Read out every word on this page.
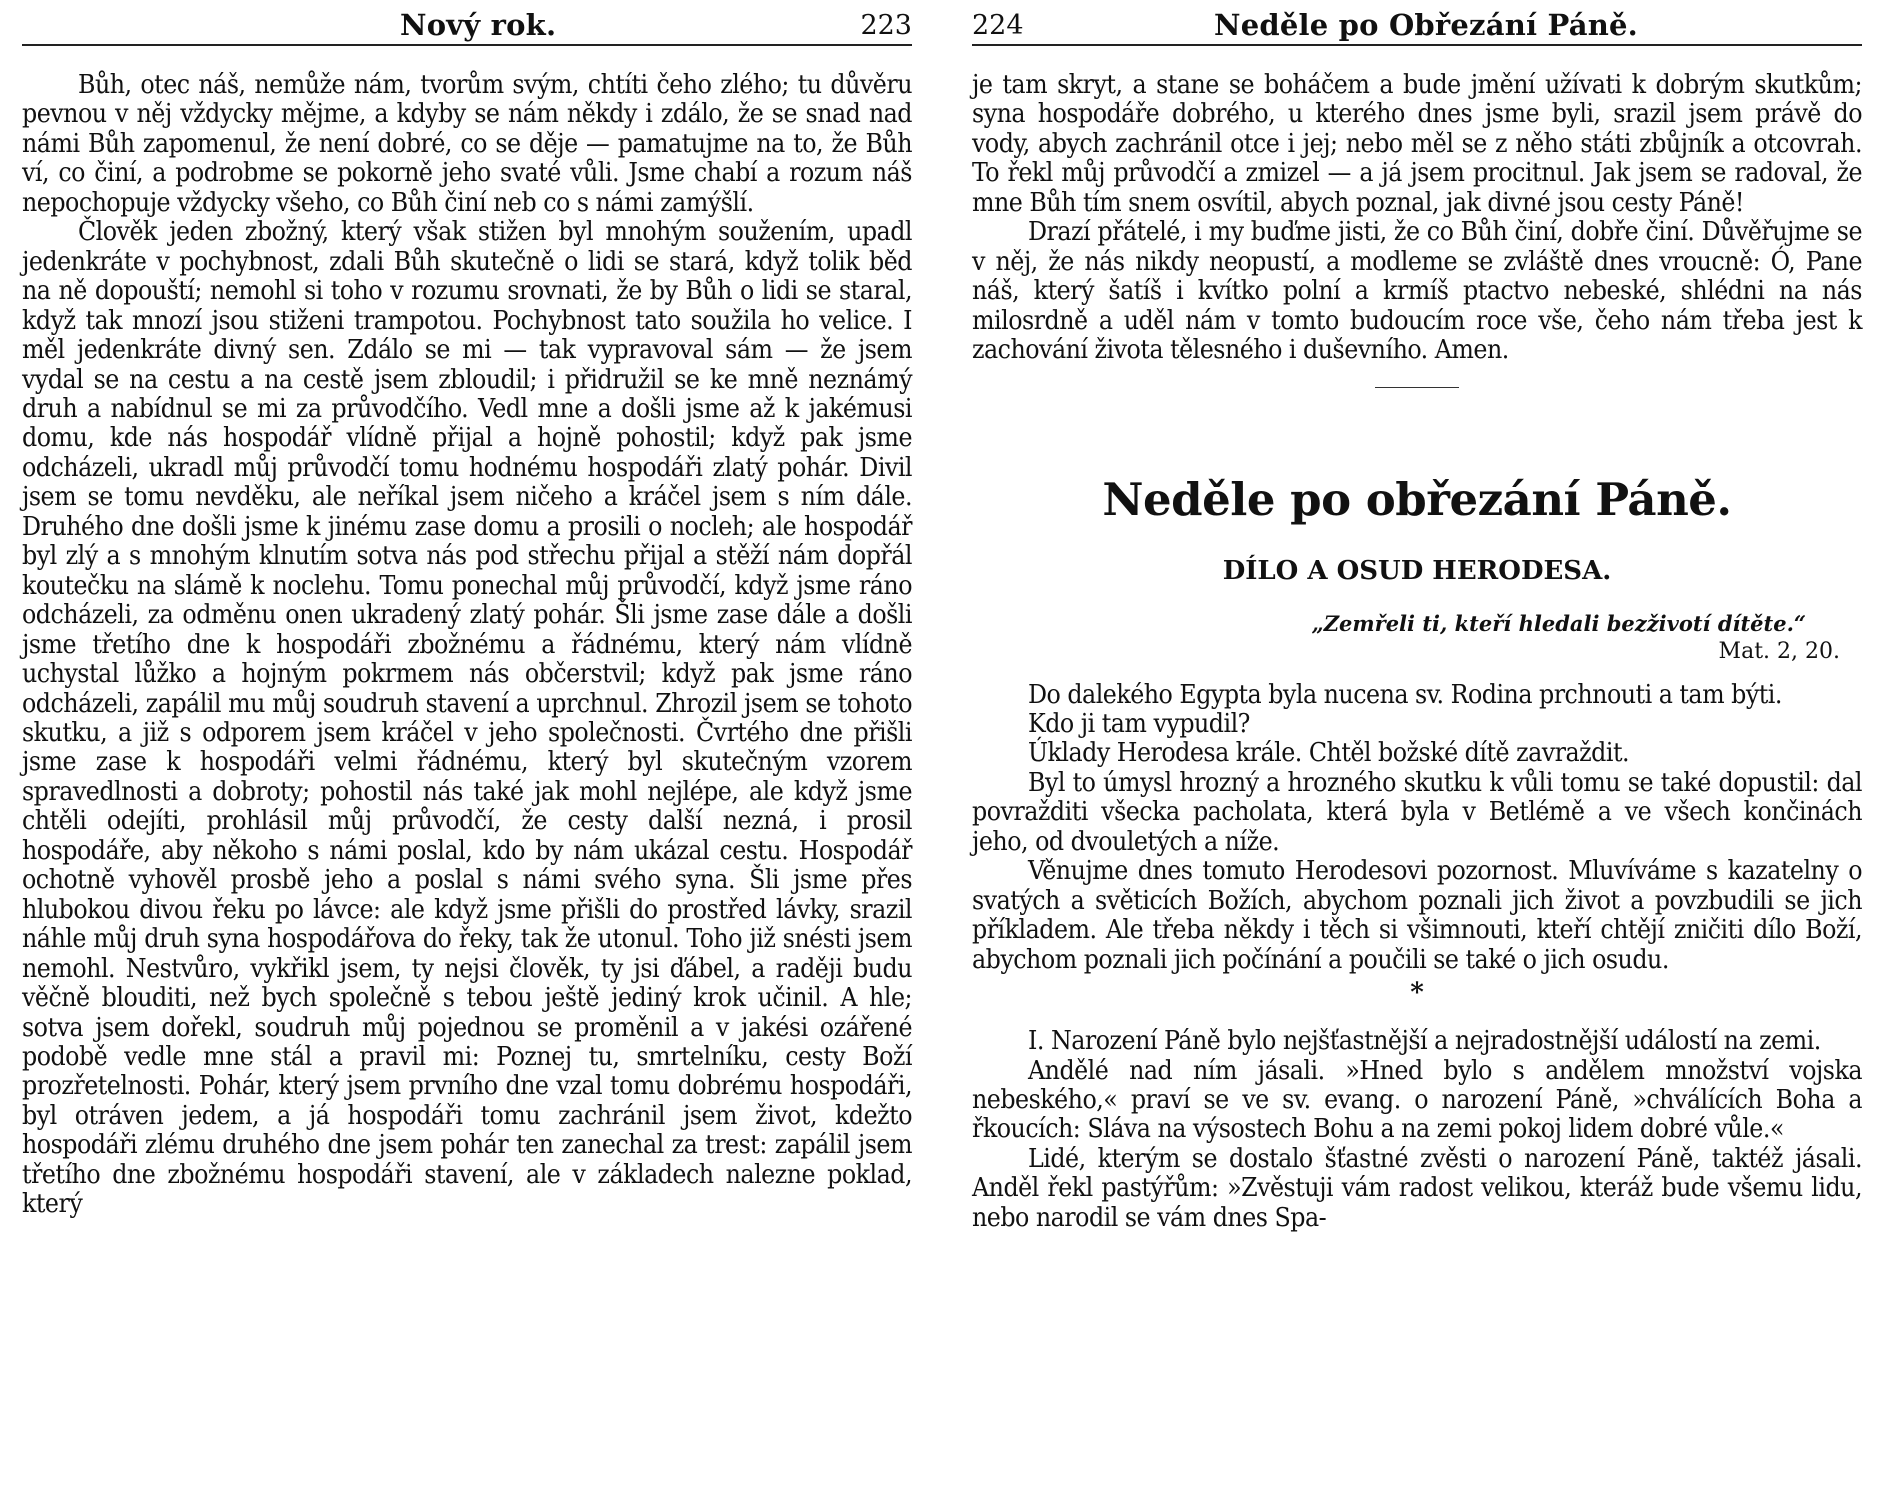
Nový rok.	223

Bůh, otec náš, nemůže nám, tvorům svým, chtíti čeho zlého; tu důvěru pevnou v něj vždycky mějme, a kdyby se nám někdy i zdálo, že se snad nad námi Bůh zapomenul, že není dobré, co se děje — pamatujme na to, že Bůh ví, co činí, a podrobme se pokorně jeho svaté vůli. Jsme chabí a rozum náš nepochopuje vždycky všeho, co Bůh činí neb co s námi zamýšlí.

Člověk jeden zbožný, který však stižen byl mnohým soužením, upadl jedenkráte v pochybnost, zdali Bůh skutečně o lidi se stará, když tolik běd na ně dopouští; nemohl si toho v rozumu srovnati, že by Bůh o lidi se staral, když tak mnozí jsou stiženi trampotou. Pochybnost tato soužila ho velice. I měl jedenkráte divný sen. Zdálo se mi — tak vypravoval sám — že jsem vydal se na cestu a na cestě jsem zbloudil; i přidružil se ke mně neznámý druh a nabídnul se mi za průvodčího. Vedl mne a došli jsme až k jakémusi domu, kde nás hospodář vlídně přijal a hojně pohostil; když pak jsme odcházeli, ukradl můj průvodčí tomu hodnému hospodáři zlatý pohár. Divil jsem se tomu nevděku, ale neříkal jsem ničeho a kráčel jsem s ním dále. Druhého dne došli jsme k jinému zase domu a prosili o nocleh; ale hospodář byl zlý a s mnohým klnutím sotva nás pod střechu přijal a stěží nám dopřál koutečku na slámě k noclehu. Tomu ponechal můj průvodčí, když jsme ráno odcházeli, za odměnu onen ukradený zlatý pohár. Šli jsme zase dále a došli jsme třetího dne k hospodáři zbožnému a řádnému, který nám vlídně uchystal lůžko a hojným pokrmem nás občerstvil; když pak jsme ráno odcházeli, zapálil mu můj soudruh stavení a uprchnul. Zhrozil jsem se tohoto skutku, a již s odporem jsem kráčel v jeho společnosti. Čvrtého dne přišli jsme zase k hospodáři velmi řádnému, který byl skutečným vzorem spravedlnosti a dobroty; pohostil nás také jak mohl nejlépe, ale když jsme chtěli odejíti, prohlásil můj průvodčí, že cesty další nezná, i prosil hospodáře, aby někoho s námi poslal, kdo by nám ukázal cestu. Hospodář ochotně vyhověl prosbě jeho a poslal s námi svého syna. Šli jsme přes hlubokou divou řeku po lávce: ale když jsme přišli do prostřed lávky, srazil náhle můj druh syna hospodářova do řeky, tak že utonul. Toho již snésti jsem nemohl. Nestvůro, vykřikl jsem, ty nejsi člověk, ty jsi ďábel, a raději budu věčně blouditi, než bych společně s tebou ještě jediný krok učinil. A hle; sotva jsem dořekl, soudruh můj pojednou se proměnil a v jakési ozářené podobě vedle mne stál a pravil mi: Poznej tu, smrtelníku, cesty Boží prozřetelnosti. Pohár, který jsem prvního dne vzal tomu dobrému hospodáři, byl otráven jedem, a já hospodáři tomu zachránil jsem život, kdežto hospodáři zlému druhého dne jsem pohár ten zanechal za trest: zapálil jsem třetího dne zbožnému hospodáři stavení, ale v základech nalezne poklad, který

224	Neděle po Obřezání Páně.

je tam skryt, a stane se boháčem a bude jmění užívati k dobrým skutkům; syna hospodáře dobrého, u kterého dnes jsme byli, srazil jsem právě do vody, abych zachránil otce i jej; nebo měl se z něho státi zbůjník a otcovrah. To řekl můj průvodčí a zmizel — a já jsem procitnul. Jak jsem se radoval, že mne Bůh tím snem osvítil, abych poznal, jak divné jsou cesty Páně!

Drazí přátelé, i my buďme jisti, že co Bůh činí, dobře činí. Důvěřujme se v něj, že nás nikdy neopustí, a modleme se zvláště dnes vroucně: Ó, Pane náš, který šatíš i kvítko polní a krmíš ptactvo nebeské, shlédni na nás milosrdně a uděl nám v tomto budoucím roce vše, čeho nám třeba jest k zachování života tělesného i duševního. Amen.

Neděle po obřezání Páně.
DÍLO A OSUD HERODESA.
„Zemřeli ti, kteří hledali bezživotí dítěte.“
Mat. 2, 20.

Do dalekého Egypta byla nucena sv. Rodina prchnouti a tam býti.

Kdo ji tam vypudil?

Úklady Herodesa krále. Chtěl božské dítě zavraždit.

Byl to úmysl hrozný a hrozného skutku k vůli tomu se také dopustil: dal povražditi všecka pacholata, která byla v Betlémě a ve všech končinách jeho, od dvouletých a níže.

Věnujme dnes tomuto Herodesovi pozornost. Mluvíváme s kazatelny o svatých a světicích Božích, abychom poznali jich život a povzbudili se jich příkladem. Ale třeba někdy i těch si všimnouti, kteří chtějí zničiti dílo Boží, abychom poznali jich počínání a poučili se také o jich osudu.

*

I. Narození Páně bylo nejšťastnější a nejradostnější událostí na zemi.

Andělé nad ním jásali. »Hned bylo s andělem množství vojska nebeského,« praví se ve sv. evang. o narození Páně, »chválících Boha a řkoucích: Sláva na výsostech Bohu a na zemi pokoj lidem dobré vůle.«

Lidé, kterým se dostalo šťastné zvěsti o narození Páně, taktéž jásali. Anděl řekl pastýřům: »Zvěstuji vám radost velikou, kteráž bude všemu lidu, nebo narodil se vám dnes Spa-
